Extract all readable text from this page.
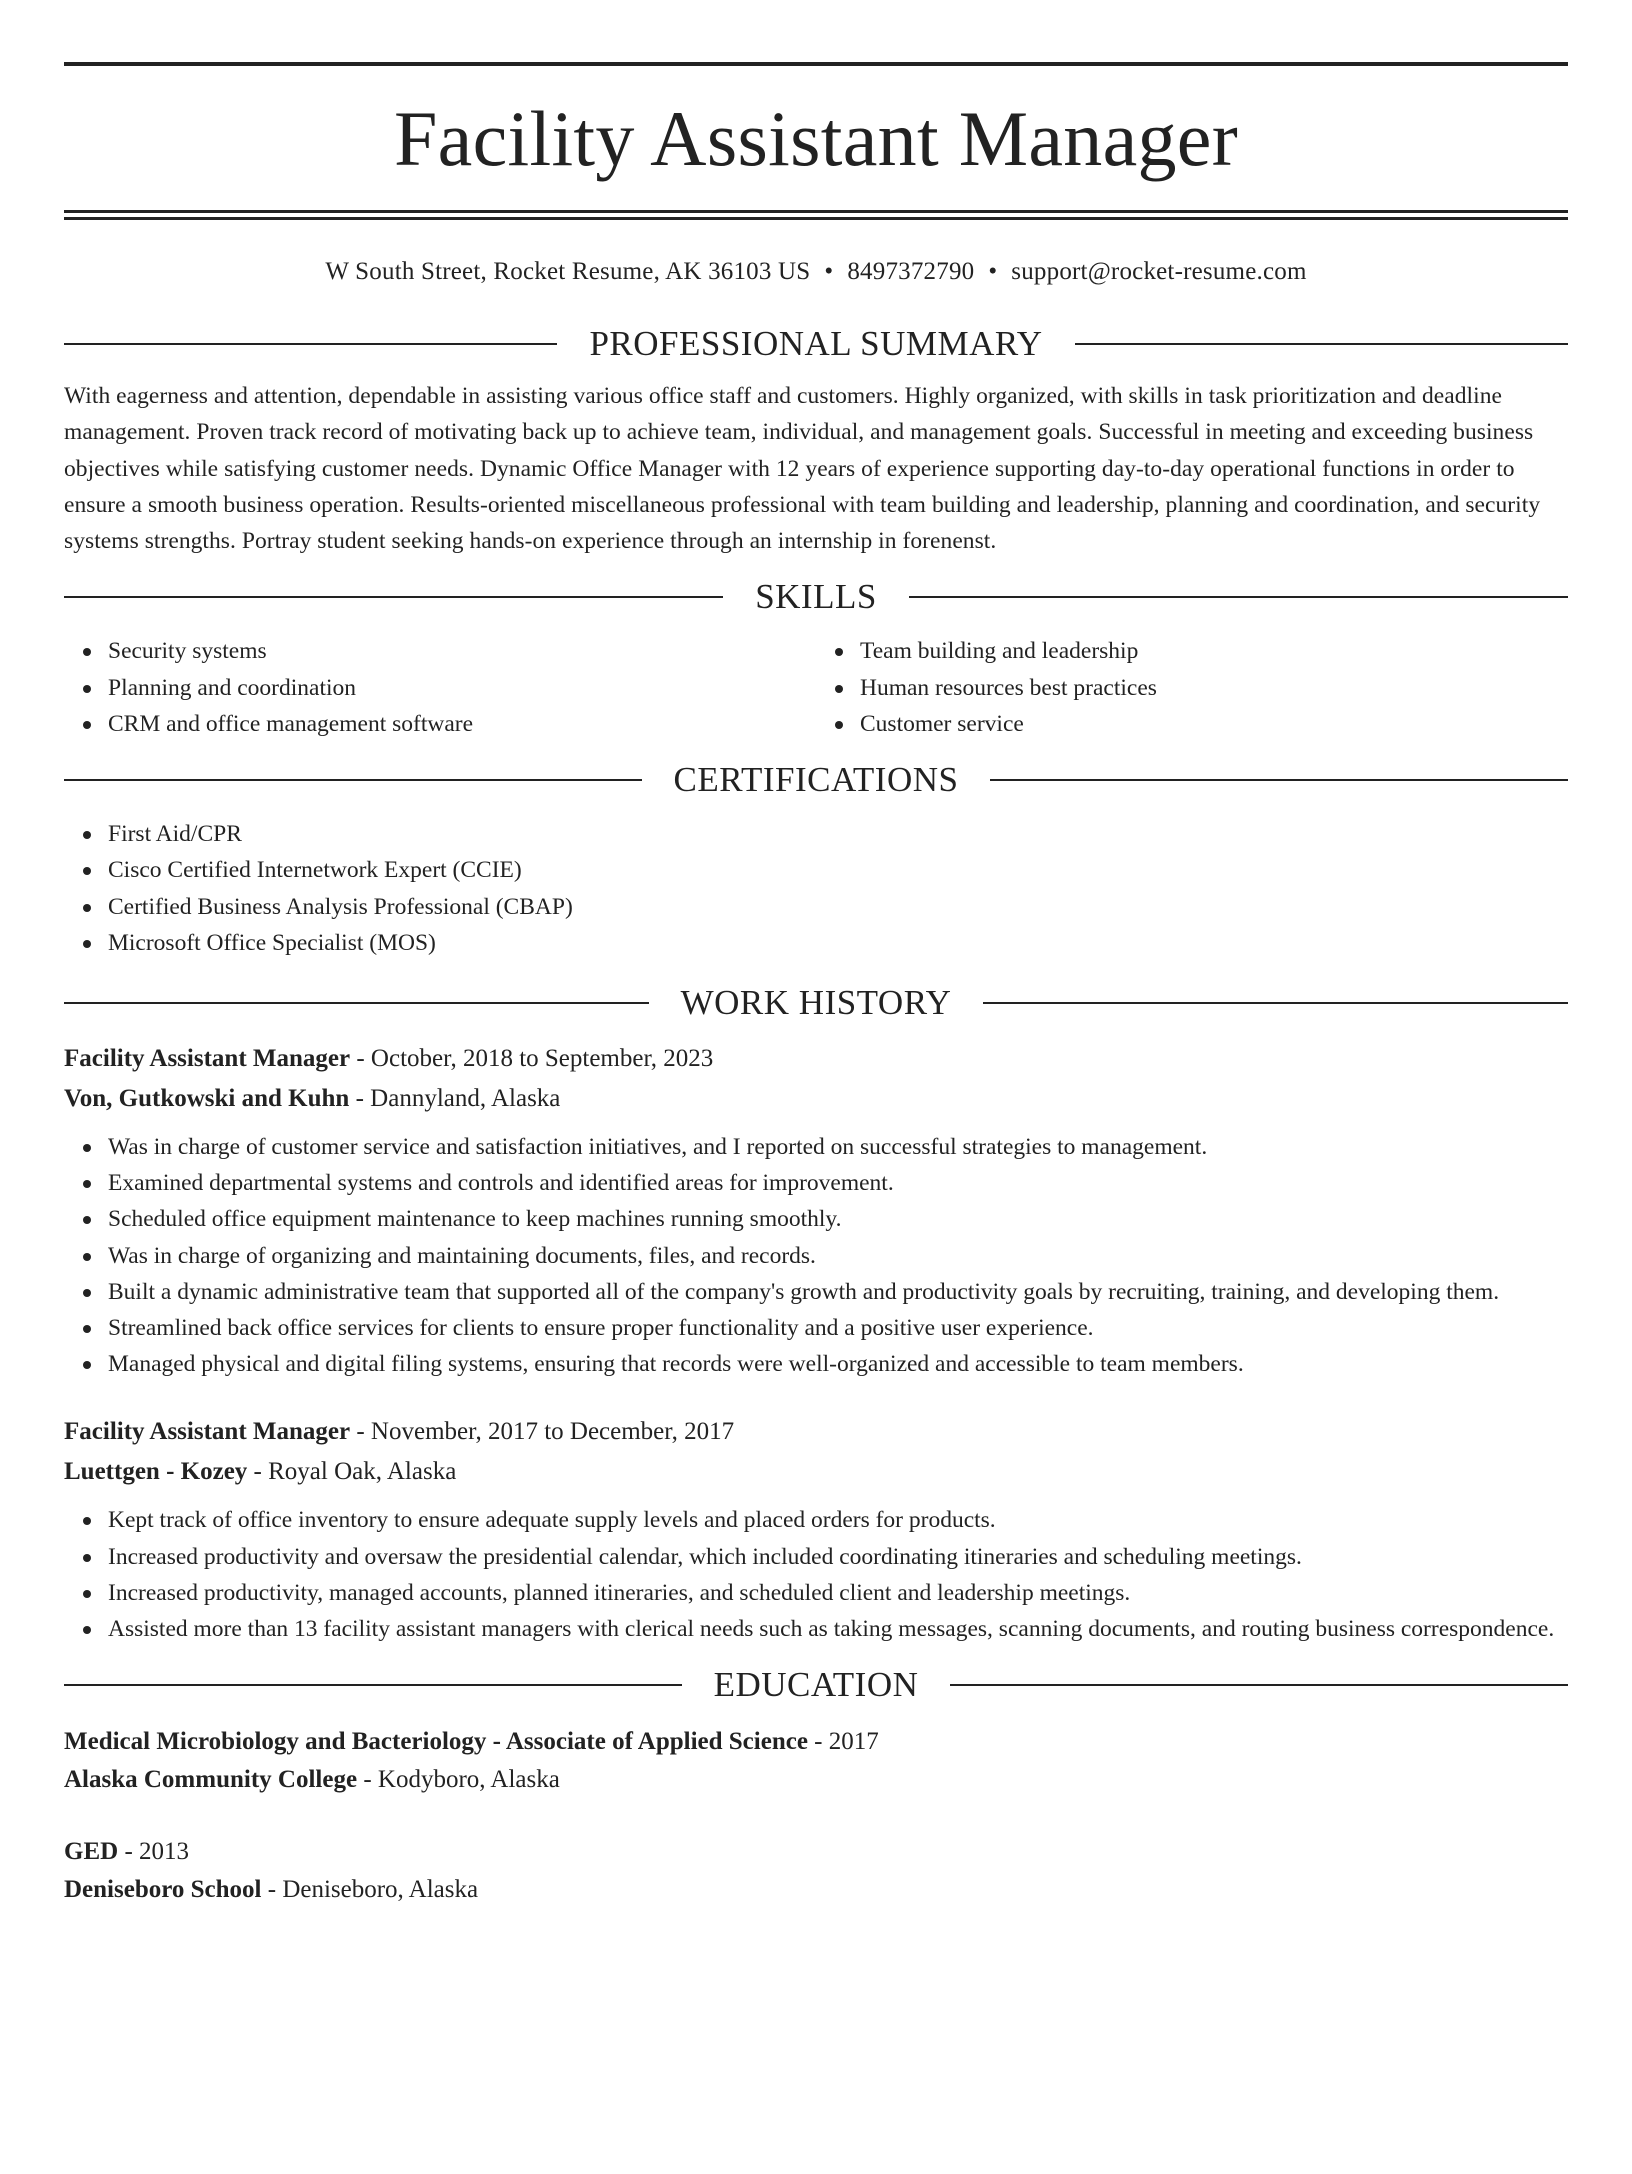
Facility Assistant Manager
W South Street, Rocket Resume, AK 36103 US • 8497372790 • support@rocket-resume.com
PROFESSIONAL SUMMARY

With eagerness and attention, dependable in assisting various office staff and customers. Highly organized, with skills in task prioritization and deadline management. Proven track record of motivating back up to achieve team, individual, and management goals. Successful in meeting and exceeding business objectives while satisfying customer needs. Dynamic Office Manager with 12 years of experience supporting day-to-day operational functions in order to ensure a smooth business operation. Results-oriented miscellaneous professional with team building and leadership, planning and coordination, and security systems strengths. Portray student seeking hands-on experience through an internship in forenenst.

SKILLS
Security systems
Planning and coordination
CRM and office management software
Team building and leadership
Human resources best practices
Customer service
CERTIFICATIONS
First Aid/CPR
Cisco Certified Internetwork Expert (CCIE)
Certified Business Analysis Professional (CBAP)
Microsoft Office Specialist (MOS)
WORK HISTORY

Facility Assistant Manager - October, 2018 to September, 2023

Von, Gutkowski and Kuhn - Dannyland, Alaska

Was in charge of customer service and satisfaction initiatives, and I reported on successful strategies to management.
Examined departmental systems and controls and identified areas for improvement.
Scheduled office equipment maintenance to keep machines running smoothly.
Was in charge of organizing and maintaining documents, files, and records.
Built a dynamic administrative team that supported all of the company's growth and productivity goals by recruiting, training, and developing them.
Streamlined back office services for clients to ensure proper functionality and a positive user experience.
Managed physical and digital filing systems, ensuring that records were well-organized and accessible to team members.

Facility Assistant Manager - November, 2017 to December, 2017

Luettgen - Kozey - Royal Oak, Alaska

Kept track of office inventory to ensure adequate supply levels and placed orders for products.
Increased productivity and oversaw the presidential calendar, which included coordinating itineraries and scheduling meetings.
Increased productivity, managed accounts, planned itineraries, and scheduled client and leadership meetings.
Assisted more than 13 facility assistant managers with clerical needs such as taking messages, scanning documents, and routing business correspondence.
EDUCATION

Medical Microbiology and Bacteriology - Associate of Applied Science - 2017

Alaska Community College - Kodyboro, Alaska

GED - 2013

Deniseboro School - Deniseboro, Alaska
